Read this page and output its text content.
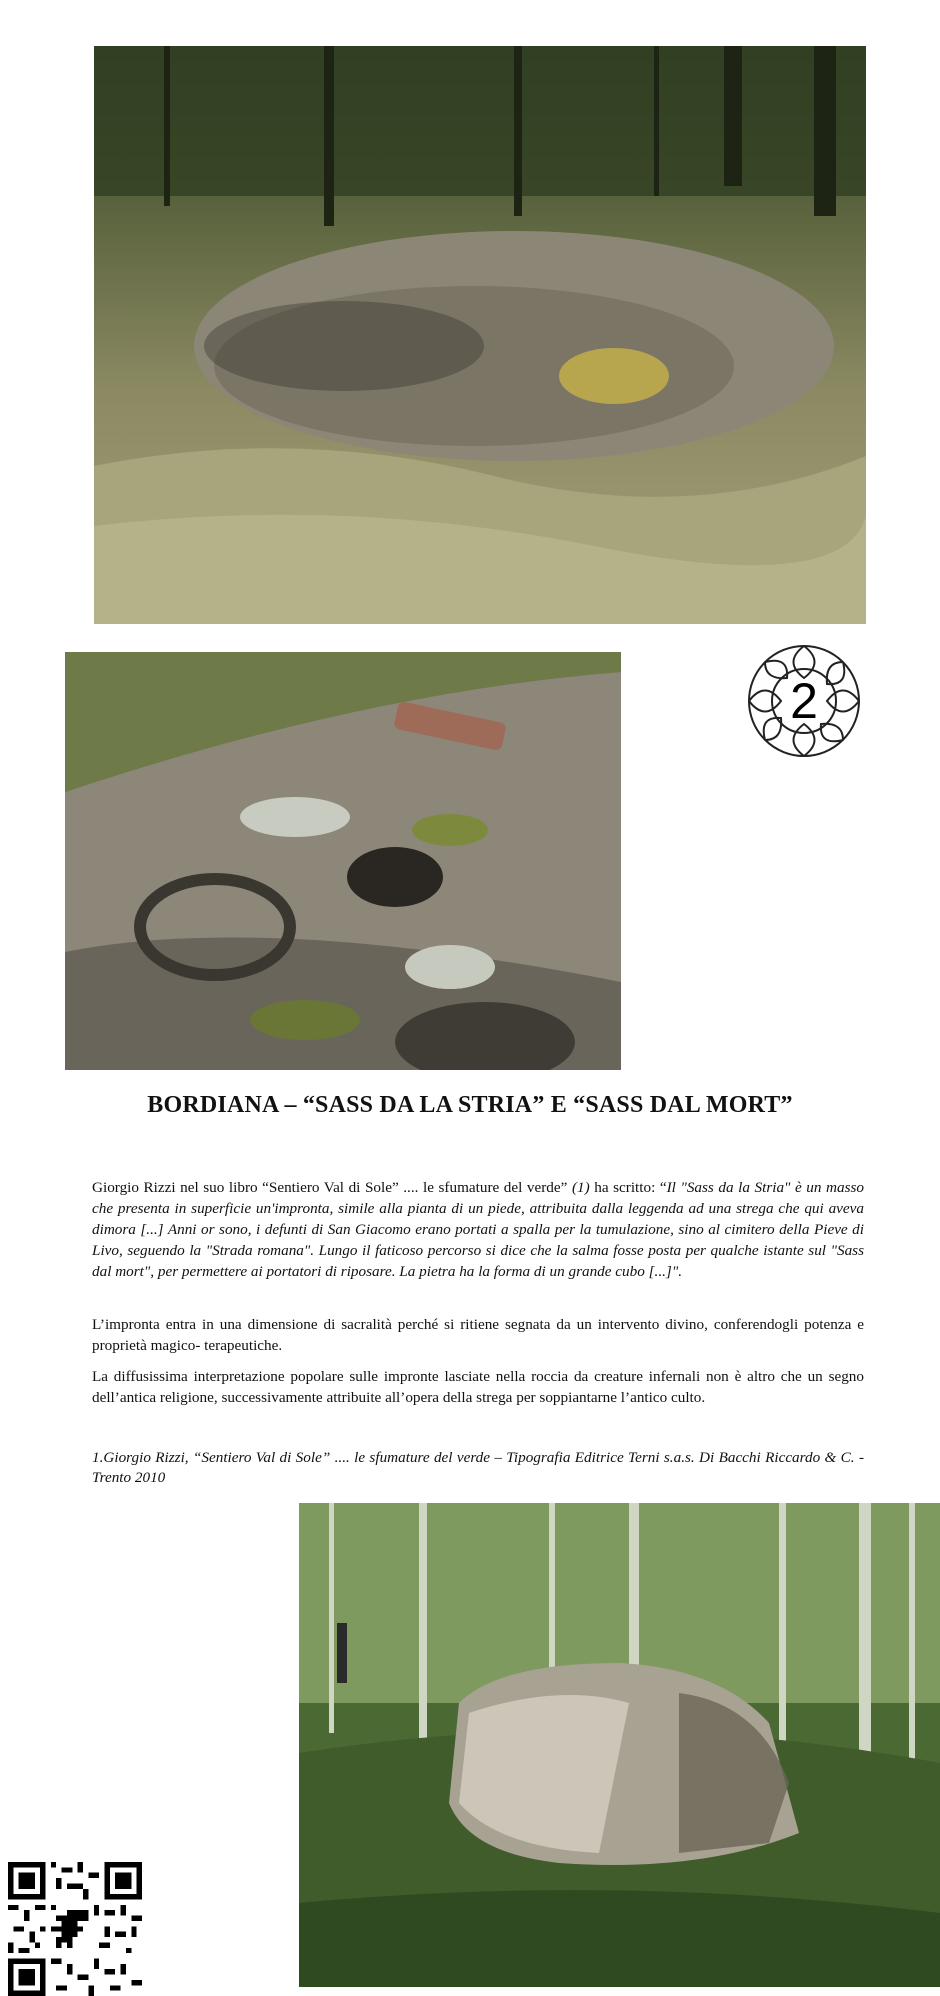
2
BORDIANA – “SASS DA LA STRIA” E “SASS DAL MORT”

Giorgio Rizzi nel suo libro “Sentiero Val di Sole” .... le sfumature del verde” (1) ha scritto: “Il "Sass da la Stria" è un masso che presenta in superficie un'impronta, simile alla pianta di un piede, attribuita dalla leggenda ad una strega che qui aveva dimora [...] Anni or sono, i defunti di San Giacomo erano portati a spalla per la tumulazione, sino al cimitero della Pieve di Livo, seguendo la "Strada romana". Lungo il faticoso percorso si dice che la salma fosse posta per qualche istante sul "Sass dal mort", per permettere ai portatori di riposare. La pietra ha la forma di un grande cubo [...]".

L’impronta entra in una dimensione di sacralità perché si ritiene segnata da un intervento divino, conferendogli potenza e proprietà magico- terapeutiche.

La diffusissima interpretazione popolare sulle impronte lasciate nella roccia da creature infernali non è altro che un segno dell’antica religione, successivamente attribuite all’opera della strega per soppiantarne l’antico culto.

1.Giorgio Rizzi, “Sentiero Val di Sole” .... le sfumature del verde – Tipografia Editrice Terni s.a.s. Di Bacchi Riccardo & C. - Trento 2010
